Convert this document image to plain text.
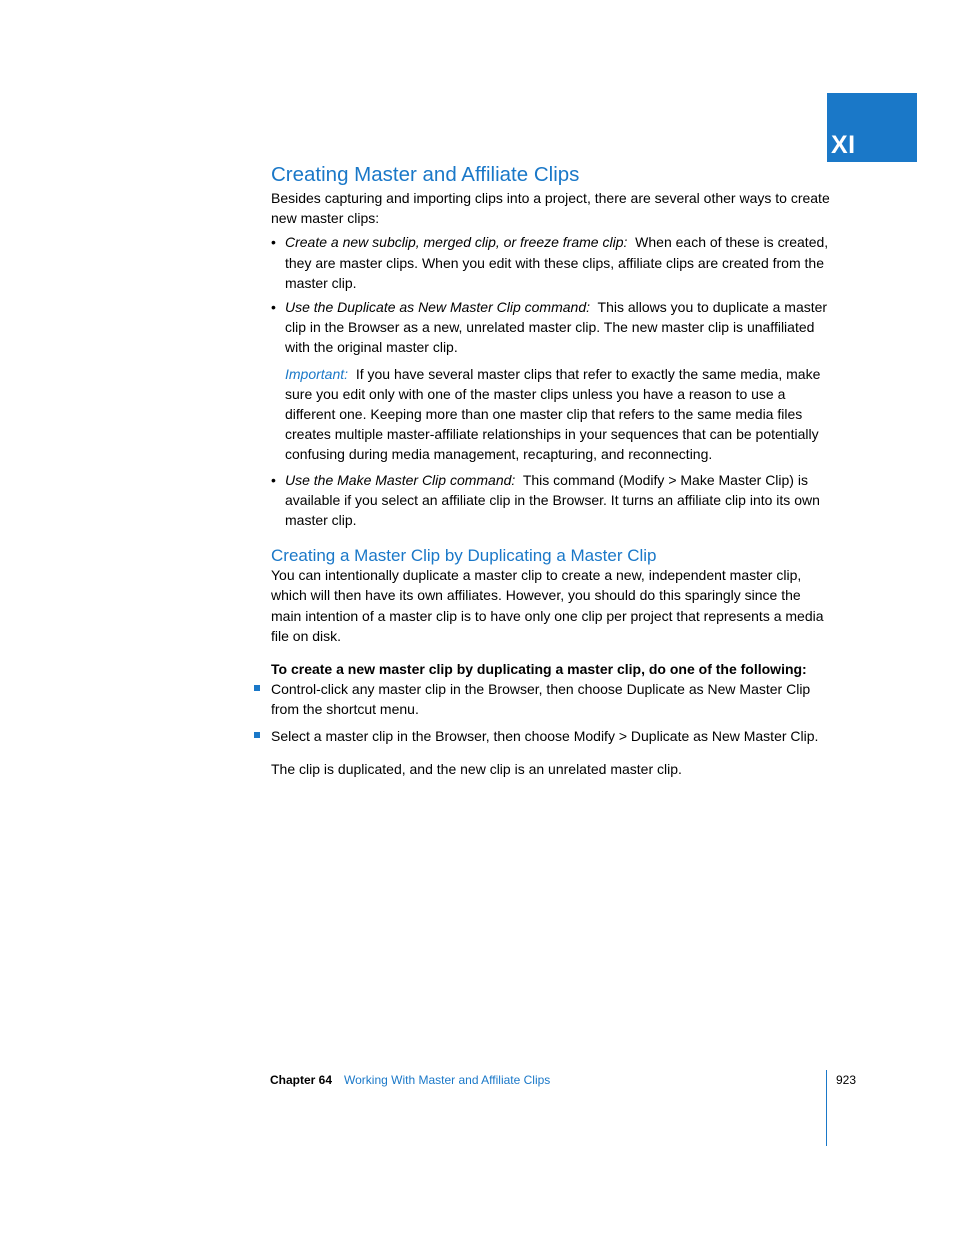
XI
Creating Master and Affiliate Clips

Besides capturing and importing clips into a project, there are several other ways to create new master clips:

• Create a new subclip, merged clip, or freeze frame clip: When each of these is created, they are master clips. When you edit with these clips, affiliate clips are created from the master clip.

• Use the Duplicate as New Master Clip command: This allows you to duplicate a master clip in the Browser as a new, unrelated master clip. The new master clip is unaffiliated with the original master clip.

Important: If you have several master clips that refer to exactly the same media, make sure you edit only with one of the master clips unless you have a reason to use a different one. Keeping more than one master clip that refers to the same media files creates multiple master-affiliate relationships in your sequences that can be potentially confusing during media management, recapturing, and reconnecting.

• Use the Make Master Clip command: This command (Modify > Make Master Clip) is available if you select an affiliate clip in the Browser. It turns an affiliate clip into its own master clip.

Creating a Master Clip by Duplicating a Master Clip

You can intentionally duplicate a master clip to create a new, independent master clip, which will then have its own affiliates. However, you should do this sparingly since the main intention of a master clip is to have only one clip per project that represents a media file on disk.

To create a new master clip by duplicating a master clip, do one of the following:

Control-click any master clip in the Browser, then choose Duplicate as New Master Clip from the shortcut menu.

Select a master clip in the Browser, then choose Modify > Duplicate as New Master Clip.

The clip is duplicated, and the new clip is an unrelated master clip.

Chapter 64 Working With Master and Affiliate Clips	923
